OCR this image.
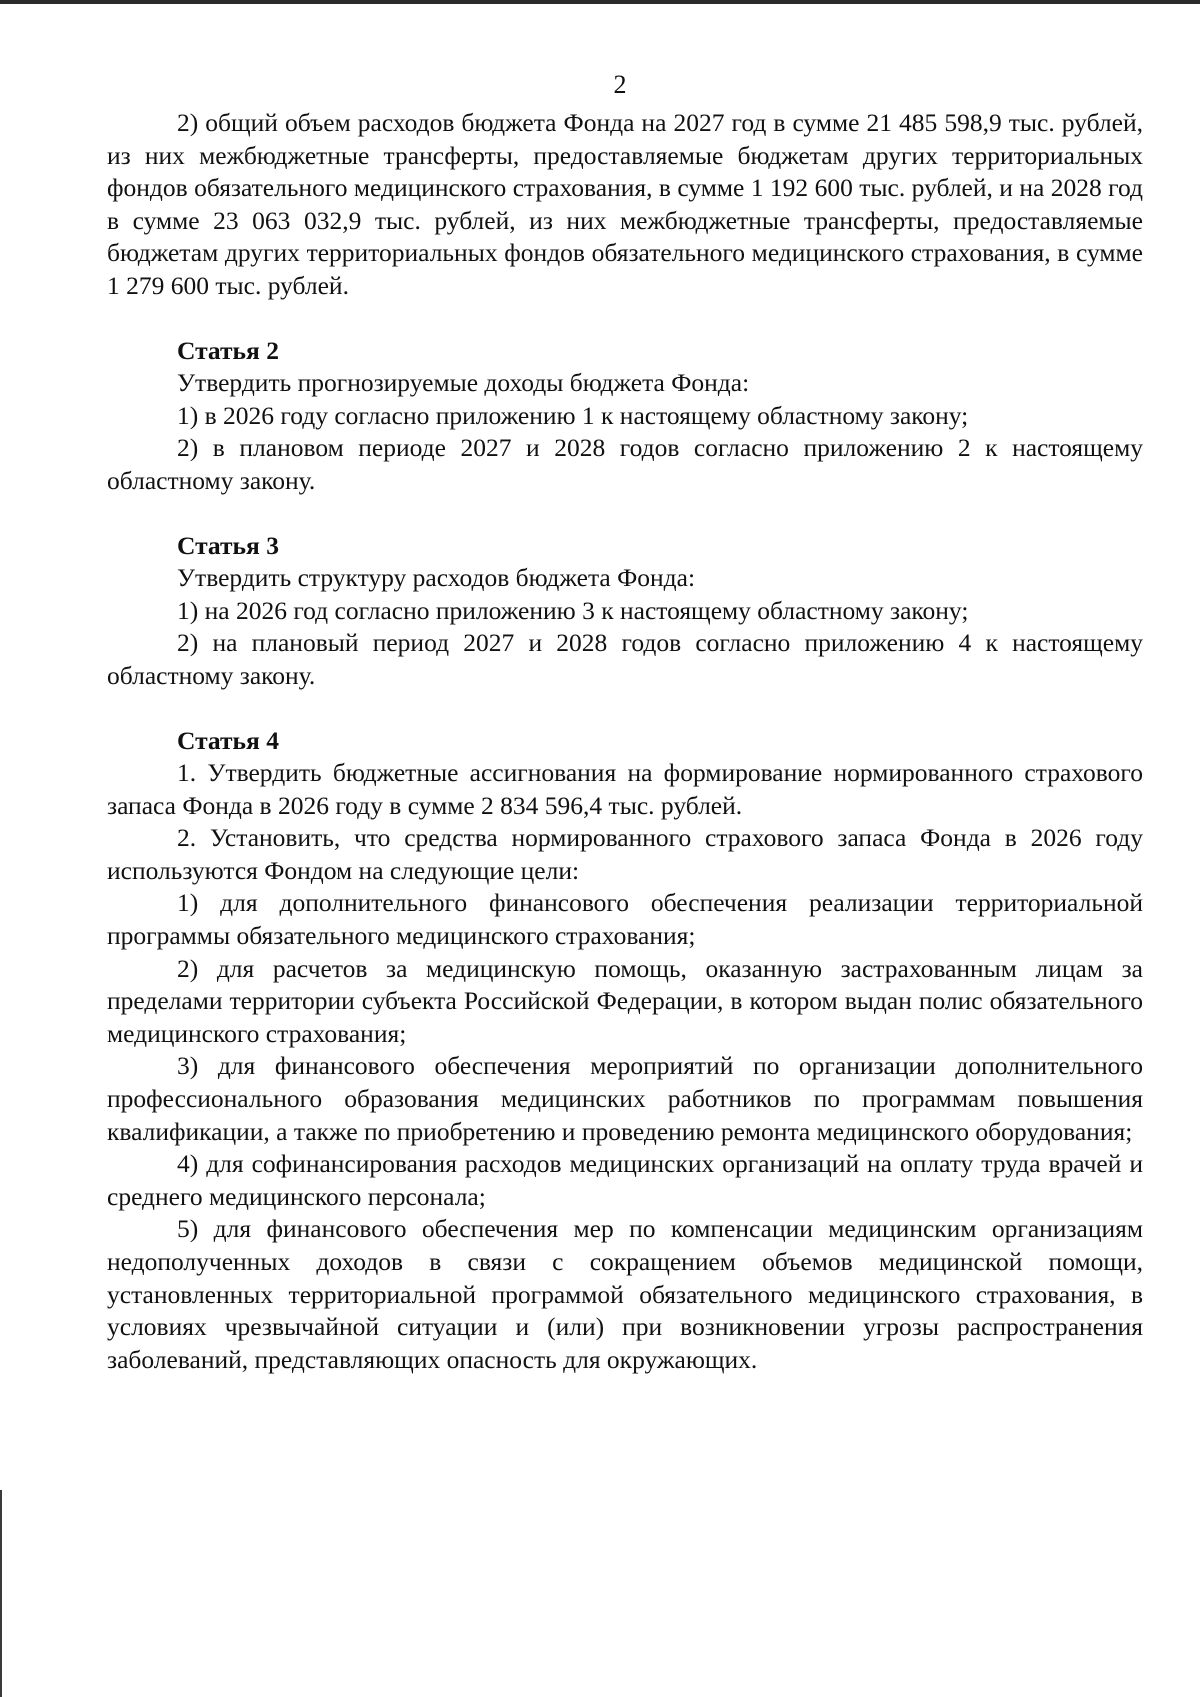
2

2) общий объем расходов бюджета Фонда на 2027 год в сумме 21 485 598,9 тыс. рублей, из них межбюджетные трансферты, предоставляемые бюджетам других территориальных фондов обязательного медицинского страхования, в сумме 1 192 600 тыс. рублей, и на 2028 год в сумме 23 063 032,9 тыс. рублей, из них межбюджетные трансферты, предоставляемые бюджетам других территориальных фондов обязательного медицинского страхования, в сумме 1 279 600 тыс. рублей.

Статья 2

Утвердить прогнозируемые доходы бюджета Фонда:

1) в 2026 году согласно приложению 1 к настоящему областному закону;

2) в плановом периоде 2027 и 2028 годов согласно приложению 2 к настоящему областному закону.

Статья 3

Утвердить структуру расходов бюджета Фонда:

1) на 2026 год согласно приложению 3 к настоящему областному закону;

2) на плановый период 2027 и 2028 годов согласно приложению 4 к настоящему областному закону.

Статья 4

1. Утвердить бюджетные ассигнования на формирование нормированного страхового запаса Фонда в 2026 году в сумме 2 834 596,4 тыс. рублей.

2. Установить, что средства нормированного страхового запаса Фонда в 2026 году используются Фондом на следующие цели:

1) для дополнительного финансового обеспечения реализации территориальной программы обязательного медицинского страхования;

2) для расчетов за медицинскую помощь, оказанную застрахованным лицам за пределами территории субъекта Российской Федерации, в котором выдан полис обязательного медицинского страхования;

3) для финансового обеспечения мероприятий по организации дополнительного профессионального образования медицинских работников по программам повышения квалификации, а также по приобретению и проведению ремонта медицинского оборудования;

4) для софинансирования расходов медицинских организаций на оплату труда врачей и среднего медицинского персонала;

5) для финансового обеспечения мер по компенсации медицинским организациям недополученных доходов в связи с сокращением объемов медицинской помощи, установленных территориальной программой обязательного медицинского страхования, в условиях чрезвычайной ситуации и (или) при возникновении угрозы распространения заболеваний, представляющих опасность для окружающих.
